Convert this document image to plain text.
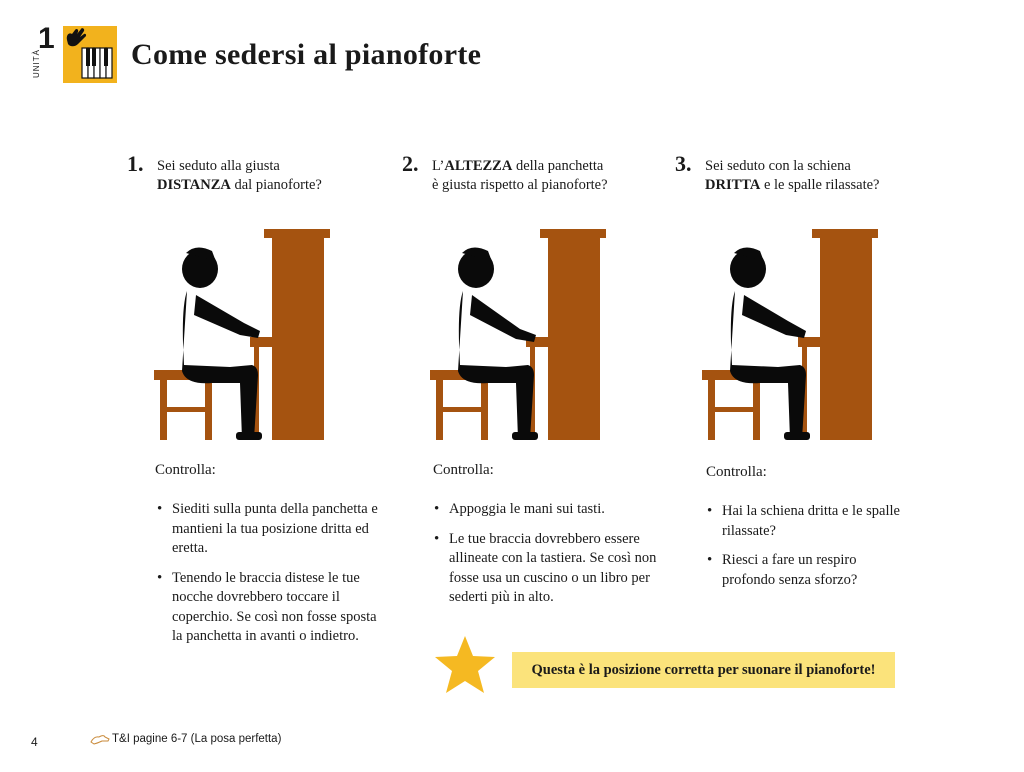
1
UNITÀ	Come sedersi al pianoforte
1. Sei seduto alla giusta
DISTANZA dal pianoforte?
Controlla:
• Siediti sulla punta della panchetta e mantieni la tua posizione dritta ed eretta.
• Tenendo le braccia distese le tue nocche dovrebbero toccare il coperchio. Se così non fosse sposta la panchetta in avanti o indietro.
2. L’ALTEZZA della panchetta
è giusta rispetto al pianoforte?
Controlla:
• Appoggia le mani sui tasti.
• Le tue braccia dovrebbero essere allineate con la tastiera. Se così non fosse usa un cuscino o un libro per sederti più in alto.
3. Sei seduto con la schiena
DRITTA e le spalle rilassate?
Controlla:
• Hai la schiena dritta e le spalle rilassate?
• Riesci a fare un respiro profondo senza sforzo?
Questa è la posizione corretta per suonare il pianoforte!
4	T&I pagine 6-7 (La posa perfetta)
